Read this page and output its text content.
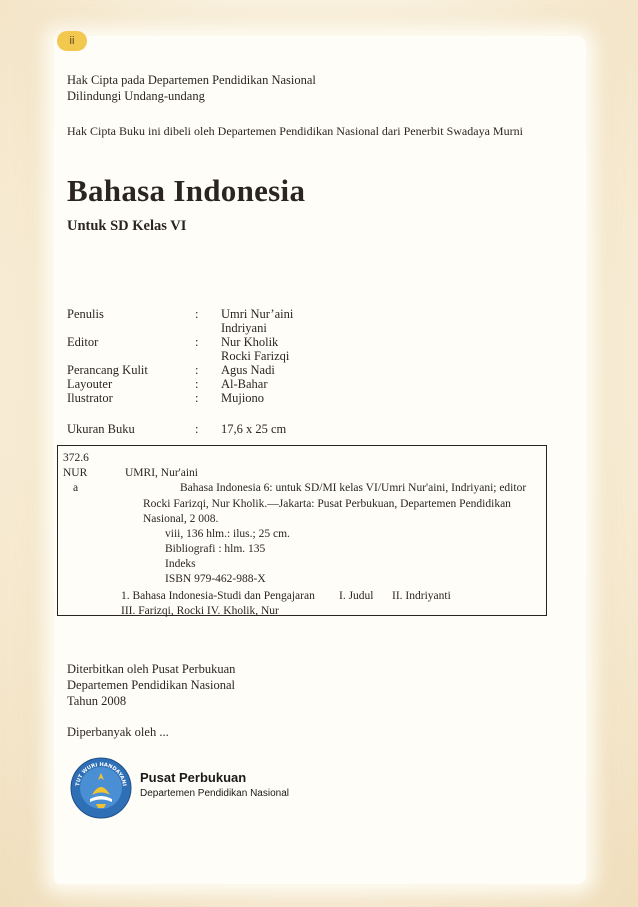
ii
Hak Cipta pada Departemen Pendidikan Nasional
Dilindungi Undang-undang
Hak Cipta Buku ini dibeli oleh Departemen Pendidikan Nasional dari Penerbit Swadaya Murni
Bahasa Indonesia
Untuk SD Kelas VI
Penulis	: Umri Nur’aini
Indriyani
Editor	: Nur Kholik
Rocki Farizqi
Perancang Kulit	: Agus Nadi
Layouter	: Al-Bahar
Ilustrator	: Mujiono
Ukuran Buku	: 17,6 x 25 cm
372.6
NUR	UMRI, Nur'aini
a	Bahasa Indonesia 6: untuk SD/MI kelas VI/Umri Nur'aini, Indriyani; editor
Rocki Farizqi, Nur Kholik.—Jakarta: Pusat Perbukuan, Departemen Pendidikan
Nasional, 2 008.
viii, 136 hlm.: ilus.; 25 cm.
Bibliografi : hlm. 135
Indeks
ISBN 979-462-988-X
1. Bahasa Indonesia-Studi dan Pengajaran I. Judul II. Indriyanti
III. Farizqi, Rocki IV. Kholik, Nur
Diterbitkan oleh Pusat Perbukuan
Departemen Pendidikan Nasional
Tahun 2008
Diperbanyak oleh ...
TUT WURI HANDAYANI
Pusat Perbukuan
Departemen Pendidikan Nasional
